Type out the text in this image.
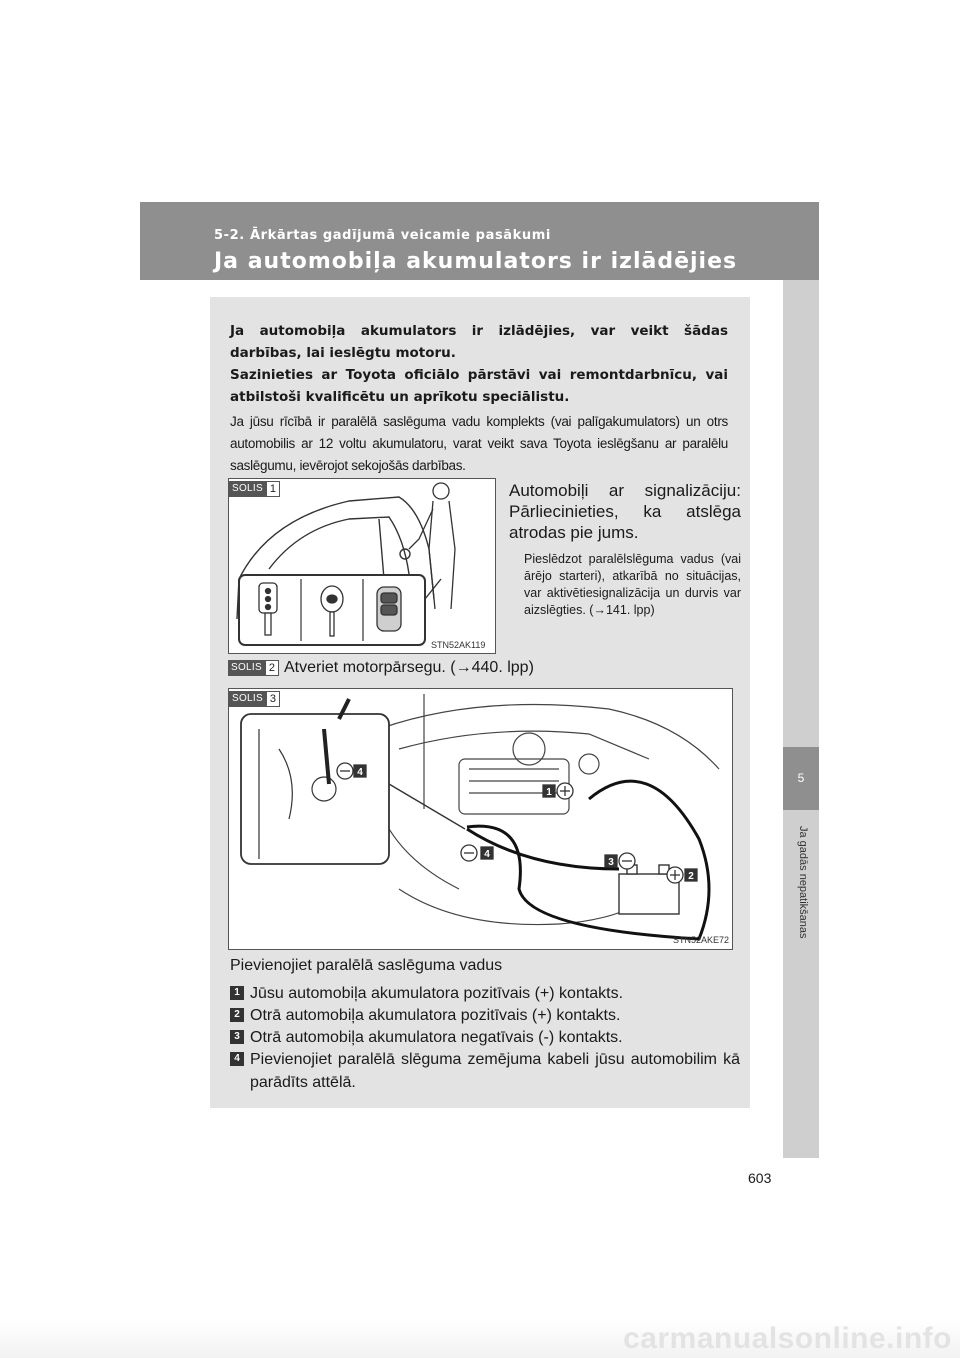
5-2. Ārkārtas gadījumā veicamie pasākumi
Ja automobiļa akumulators ir izlādējies
5
Ja gadās nepatikšanas
Ja automobiļa akumulators ir izlādējies, var veikt šādas darbības, lai ieslēgtu motoru.
Sazinieties ar Toyota oficiālo pārstāvi vai remontdarbnīcu, vai atbilstoši kvalificētu un aprīkotu speciālistu.
Ja jūsu rīcībā ir paralēlā saslēguma vadu komplekts (vai palīgakumulators) un otrs automobilis ar 12 voltu akumulatoru, varat veikt sava Toyota ieslēgšanu ar paralēlu saslēgumu, ievērojot sekojošās darbības.
SOLIS 1
STN52AK119
Automobiļi ar signalizāciju: Pārliecinieties, ka atslēga atrodas pie jums.
Pieslēdzot paralēlslēguma vadus (vai ārējo starteri), atkarībā no situācijas, var aktivētiesignalizācija un durvis var aizslēgties. (→141. lpp)
SOLIS 2 Atveriet motorpārsegu. (→440. lpp)
4
1
3
2
4
SOLIS 3
STN52AKE72
Pievienojiet paralēlā saslēguma vadus
1 Jūsu automobiļa akumulatora pozitīvais (+) kontakts.
2 Otrā automobiļa akumulatora pozitīvais (+) kontakts.
3 Otrā automobiļa akumulatora negatīvais (-) kontakts.
4 Pievienojiet paralēlā slēguma zemējuma kabeli jūsu automobilim kā parādīts attēlā.
603
carmanualsonline.info
